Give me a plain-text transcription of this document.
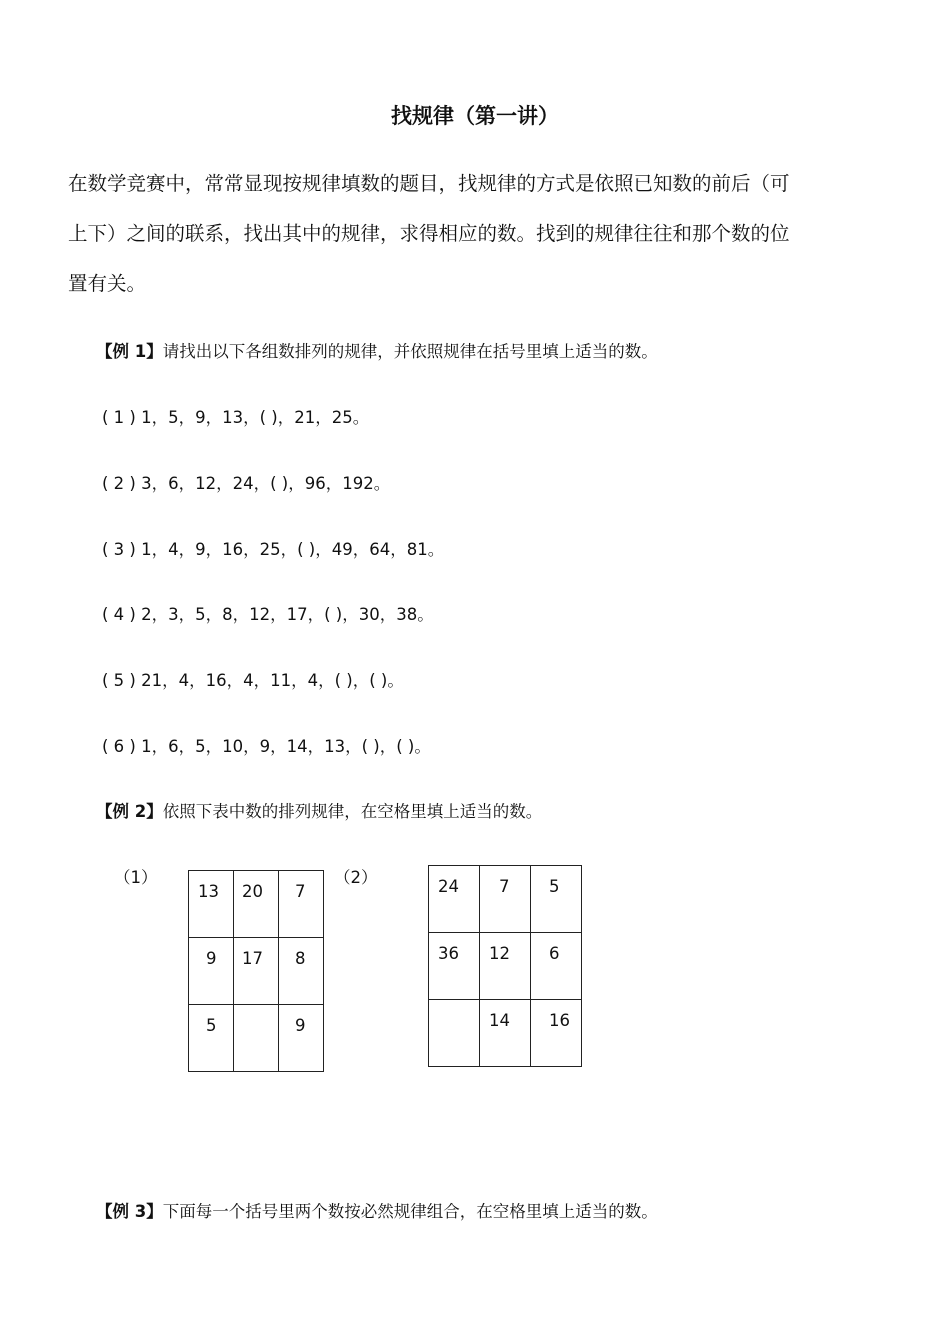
找规律（第一讲）
在数学竞赛中，常常显现按规律填数的题目，找规律的方式是依照已知数的前后（可
上下）之间的联系，找出其中的规律，求得相应的数。找到的规律往往和那个数的位
置有关。
【例 1】请找出以下各组数排列的规律，并依照规律在括号里填上适当的数。
( 1 ) 1，5，9，13，( )，21，25。
( 2 ) 3，6，12，24，( )，96，192。
( 3 ) 1，4，9，16，25，( )，49，64，81。
( 4 ) 2，3，5，8，12，17，( )，30，38。
( 5 ) 21，4，16，4，11，4，( )，( )。
( 6 ) 1，6，5，10，9，14，13，( )，( )。
【例 2】依照下表中数的排列规律，在空格里填上适当的数。
（1）
13	20	7

9	17	8

5		9
（2）	24	7	5

36	12	6

	14	16
【例 3】下面每一个括号里两个数按必然规律组合，在空格里填上适当的数。
